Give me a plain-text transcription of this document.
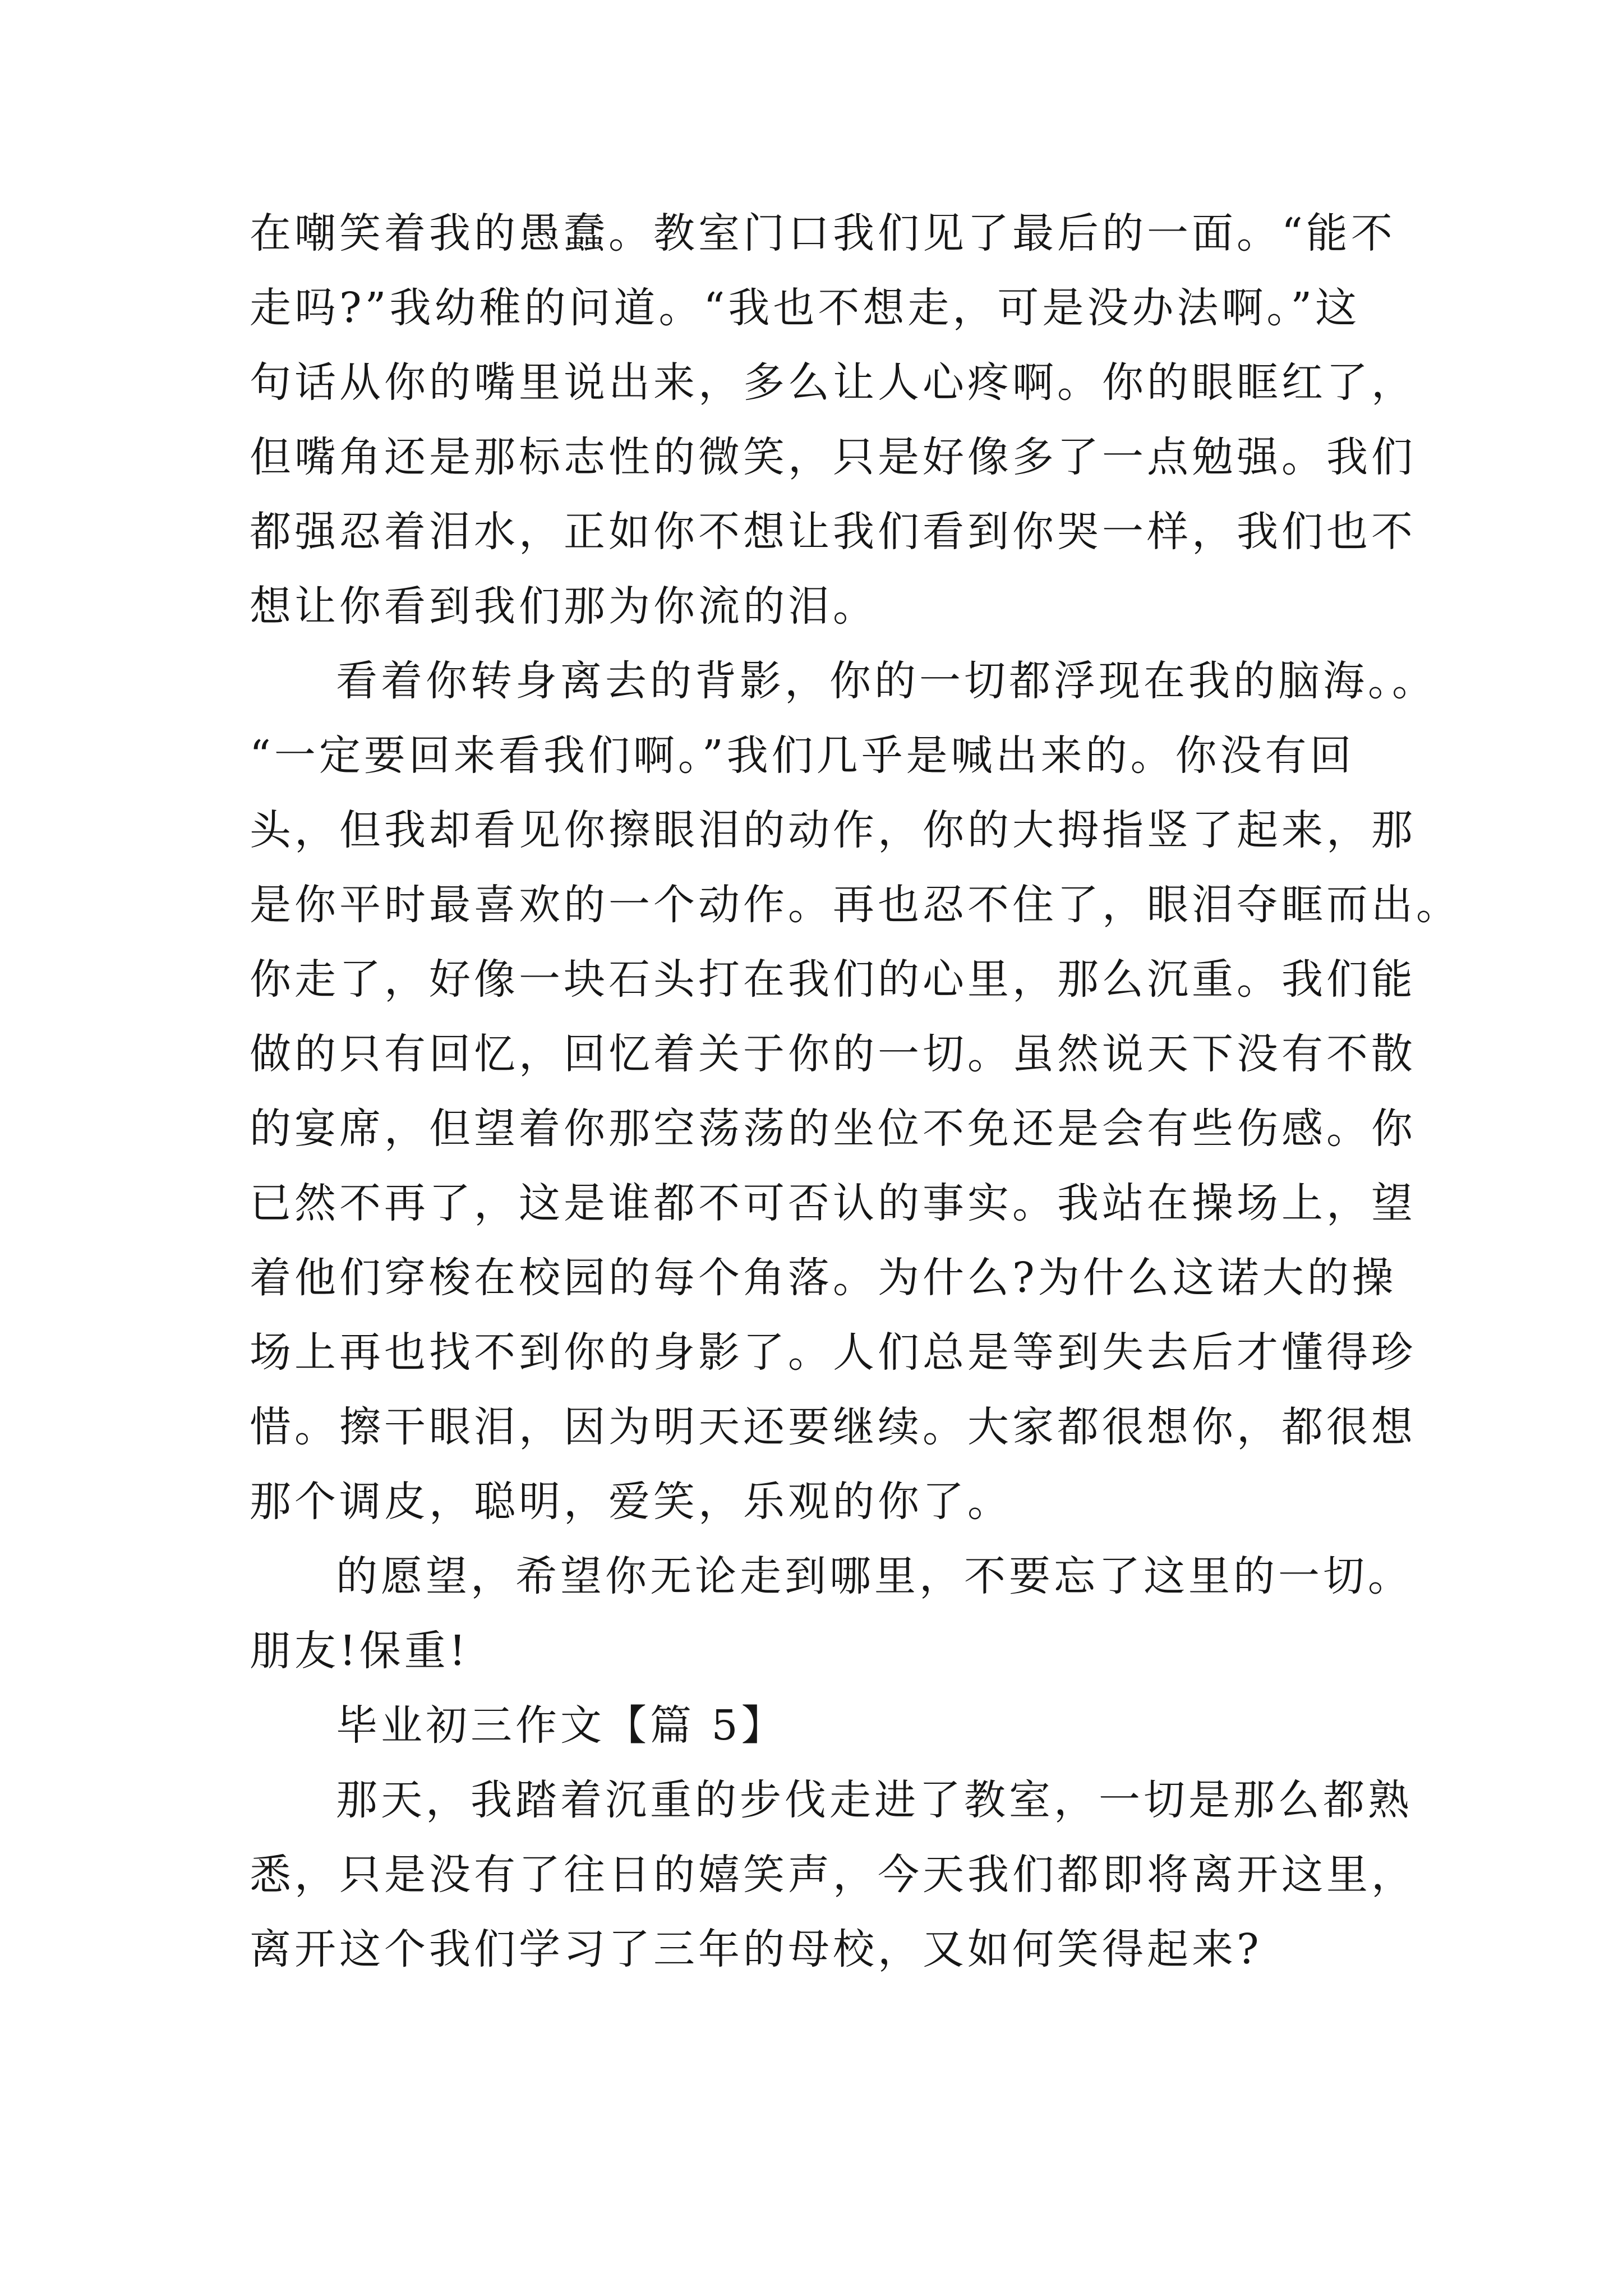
在嘲笑着我的愚蠢。教室门口我们见了最后的一面。“能不
走吗?”我幼稚的问道。“我也不想走，可是没办法啊。”这
句话从你的嘴里说出来，多么让人心疼啊。你的眼眶红了，
但嘴角还是那标志性的微笑，只是好像多了一点勉强。我们
都强忍着泪水，正如你不想让我们看到你哭一样，我们也不
想让你看到我们那为你流的泪。
看着你转身离去的背影，你的一切都浮现在我的脑海。。
“一定要回来看我们啊。”我们几乎是喊出来的。你没有回
头，但我却看见你擦眼泪的动作，你的大拇指竖了起来，那
是你平时最喜欢的一个动作。再也忍不住了，眼泪夺眶而出。
你走了，好像一块石头打在我们的心里，那么沉重。我们能
做的只有回忆，回忆着关于你的一切。虽然说天下没有不散
的宴席，但望着你那空荡荡的坐位不免还是会有些伤感。你
已然不再了，这是谁都不可否认的事实。我站在操场上，望
着他们穿梭在校园的每个角落。为什么?为什么这诺大的操
场上再也找不到你的身影了。人们总是等到失去后才懂得珍
惜。擦干眼泪，因为明天还要继续。大家都很想你，都很想
那个调皮，聪明，爱笑，乐观的你了。
的愿望，希望你无论走到哪里，不要忘了这里的一切。
朋友!保重!
毕业初三作文【篇 5】
那天，我踏着沉重的步伐走进了教室，一切是那么都熟
悉，只是没有了往日的嬉笑声，今天我们都即将离开这里，
离开这个我们学习了三年的母校，又如何笑得起来?
